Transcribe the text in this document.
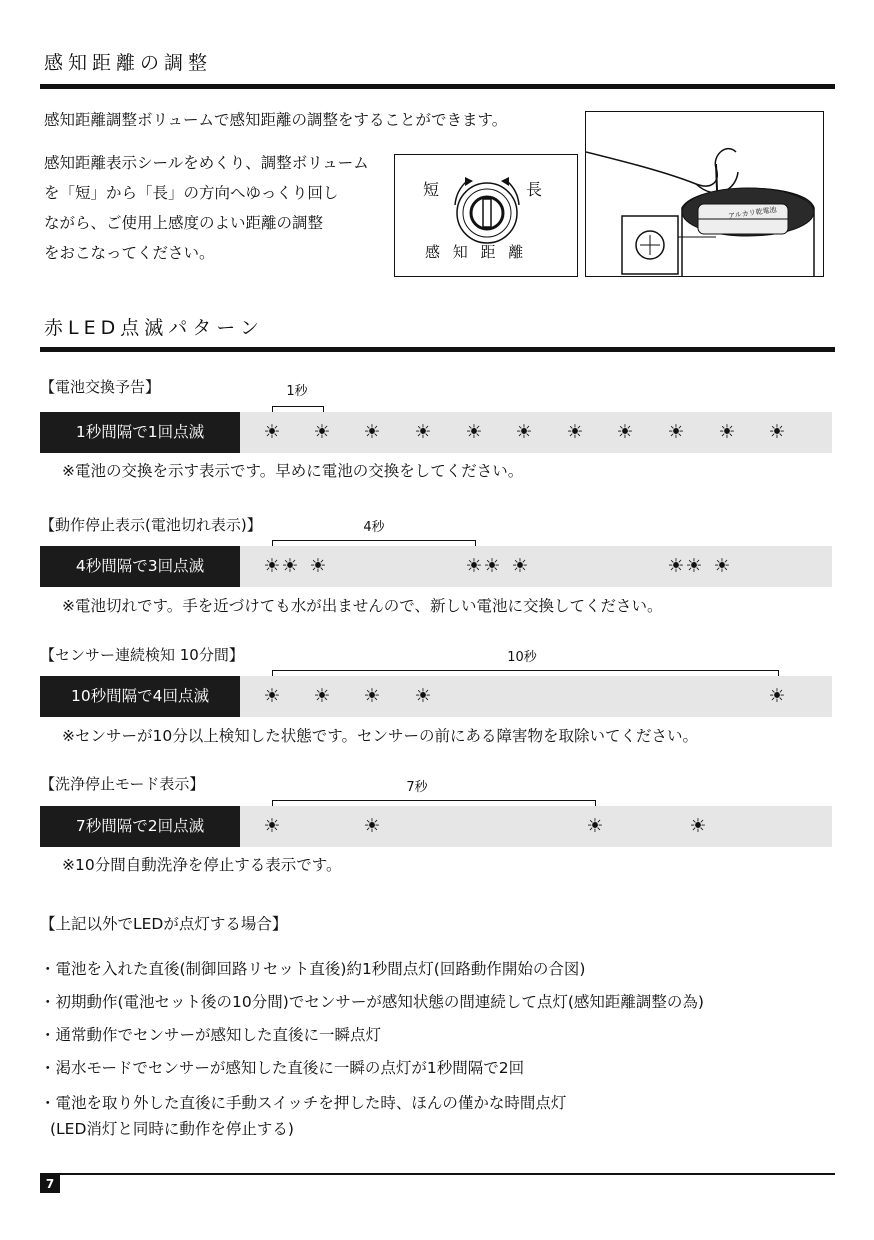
感知距離の調整
感知距離調整ボリュームで感知距離の調整をすることができます。
感知距離表示シールをめくり、調整ボリューム
を「短」から「長」の方向へゆっくり回し
ながら、ご使用上感度のよい距離の調整
をおこなってください。
短	長
感 知 距 離
アルカリ乾電池
赤LED点滅パターン
【電池交換予告】	1秒
1秒間隔で1回点滅	☀ ☀ ☀ ☀ ☀ ☀ ☀ ☀ ☀ ☀ ☀
※電池の交換を示す表示です。早めに電池の交換をしてください。
【動作停止表示(電池切れ表示)】	4秒
4秒間隔で3回点滅	☀ ☀ ☀	☀ ☀ ☀	☀ ☀ ☀
※電池切れです。手を近づけても水が出ませんので、新しい電池に交換してください。
【センサー連続検知 10分間】	10秒
10秒間隔で4回点滅	☀ ☀ ☀ ☀	☀
※センサーが10分以上検知した状態です。センサーの前にある障害物を取除いてください。
【洗浄停止モード表示】	7秒
7秒間隔で2回点滅	☀	☀	☀	☀
※10分間自動洗浄を停止する表示です。
【上記以外でLEDが点灯する場合】
・電池を入れた直後(制御回路リセット直後)約1秒間点灯(回路動作開始の合図)
・初期動作(電池セット後の10分間)でセンサーが感知状態の間連続して点灯(感知距離調整の為)
・通常動作でセンサーが感知した直後に一瞬点灯
・渇水モードでセンサーが感知した直後に一瞬の点灯が1秒間隔で2回
・電池を取り外した直後に手動スイッチを押した時、ほんの僅かな時間点灯
(LED消灯と同時に動作を停止する)
7
